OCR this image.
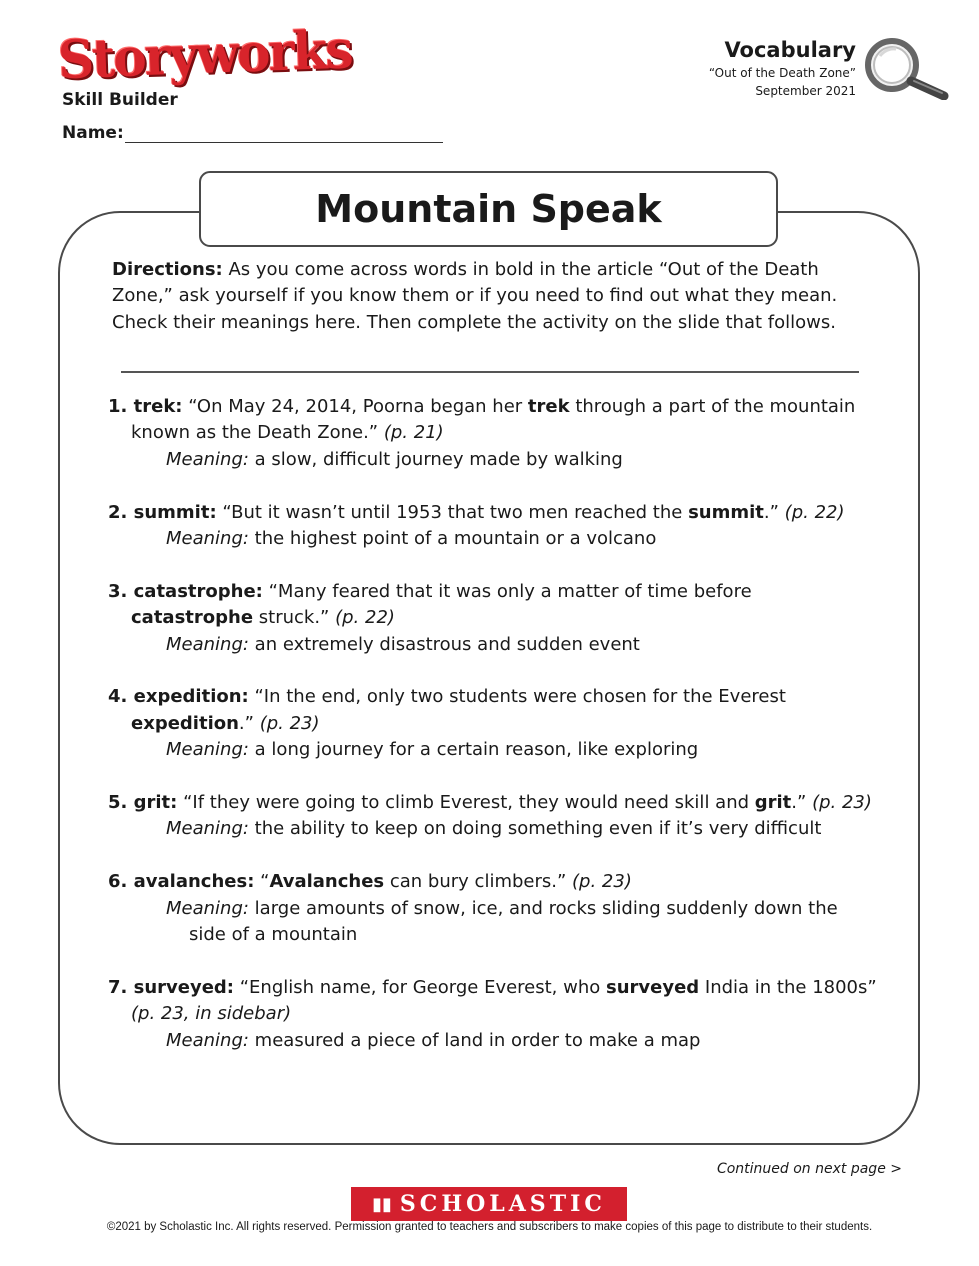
Storyworks
Skill Builder
Name:
Vocabulary
“Out of the Death Zone”
September 2021
Mountain Speak
Directions: As you come across words in bold in the article “Out of the Death Zone,” ask yourself if you know them or if you need to find out what they mean. Check their meanings here. Then complete the activity on the slide that follows.

1. trek: “On May 24, 2014, Poorna began her trek through a part of the mountain known as the Death Zone.” (p. 21)

Meaning: a slow, difficult journey made by walking

2. summit: “But it wasn’t until 1953 that two men reached the summit.” (p. 22)

Meaning: the highest point of a mountain or a volcano

3. catastrophe: “Many feared that it was only a matter of time before catastrophe struck.” (p. 22)

Meaning: an extremely disastrous and sudden event

4. expedition: “In the end, only two students were chosen for the Everest expedition.” (p. 23)

Meaning: a long journey for a certain reason, like exploring

5. grit: “If they were going to climb Everest, they would need skill and grit.” (p. 23)

Meaning: the ability to keep on doing something even if it’s very difficult

6. avalanches: “Avalanches can bury climbers.” (p. 23)

Meaning: large amounts of snow, ice, and rocks sliding suddenly down the side of a mountain

7. surveyed: “English name, for George Everest, who surveyed India in the 1800s” (p. 23, in sidebar)

Meaning: measured a piece of land in order to make a map

Continued on next page >
▮▮ SCHOLASTIC
©2021 by Scholastic Inc. All rights reserved. Permission granted to teachers and subscribers to make copies of this page to distribute to their students.
